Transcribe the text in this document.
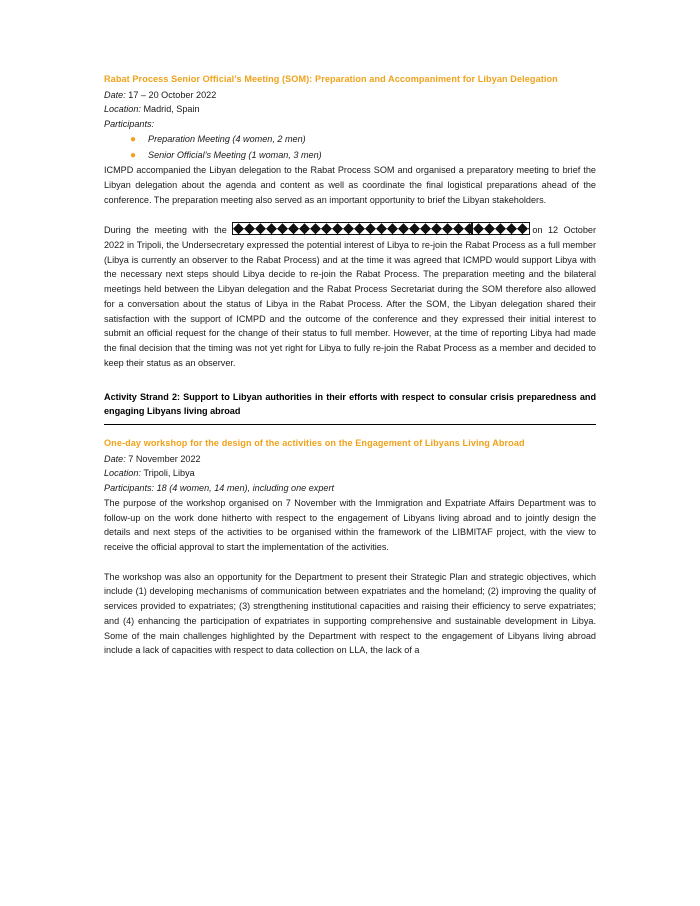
Rabat Process Senior Official’s Meeting (SOM): Preparation and Accompaniment for Libyan Delegation

Date: 17 – 20 October 2022

Location: Madrid, Spain

Participants:

● Preparation Meeting (4 women, 2 men)
● Senior Official’s Meeting (1 woman, 3 men)

ICMPD accompanied the Libyan delegation to the Rabat Process SOM and organised a preparatory meeting to brief the Libyan delegation about the agenda and content as well as coordinate the final logistical preparations ahead of the conference. The preparation meeting also served as an important opportunity to brief the Libyan stakeholders.

During the meeting with the	on 12 October 2022 in Tripoli, the Undersecretary expressed the potential interest of Libya to re-join the Rabat Process as a full member (Libya is currently an observer to the Rabat Process) and at the time it was agreed that ICMPD would support Libya with the necessary next steps should Libya decide to re-join the Rabat Process. The preparation meeting and the bilateral meetings held between the Libyan delegation and the Rabat Process Secretariat during the SOM therefore also allowed for a conversation about the status of Libya in the Rabat Process. After the SOM, the Libyan delegation shared their satisfaction with the support of ICMPD and the outcome of the conference and they expressed their initial interest to submit an official request for the change of their status to full member. However, at the time of reporting Libya had made the final decision that the timing was not yet right for Libya to fully re-join the Rabat Process as a member and decided to keep their status as an observer.

Activity Strand 2: Support to Libyan authorities in their efforts with respect to consular crisis preparedness and engaging Libyans living abroad

One-day workshop for the design of the activities on the Engagement of Libyans Living Abroad

Date: 7 November 2022

Location: Tripoli, Libya

Participants: 18 (4 women, 14 men), including one expert

The purpose of the workshop organised on 7 November with the Immigration and Expatriate Affairs Department was to follow-up on the work done hitherto with respect to the engagement of Libyans living abroad and to jointly design the details and next steps of the activities to be organised within the framework of the LIBMITAF project, with the view to receive the official approval to start the implementation of the activities.

The workshop was also an opportunity for the Department to present their Strategic Plan and strategic objectives, which include (1) developing mechanisms of communication between expatriates and the homeland; (2) improving the quality of services provided to expatriates; (3) strengthening institutional capacities and raising their efficiency to serve expatriates; and (4) enhancing the participation of expatriates in supporting comprehensive and sustainable development in Libya. Some of the main challenges highlighted by the Department with respect to the engagement of Libyans living abroad include a lack of capacities with respect to data collection on LLA, the lack of a
